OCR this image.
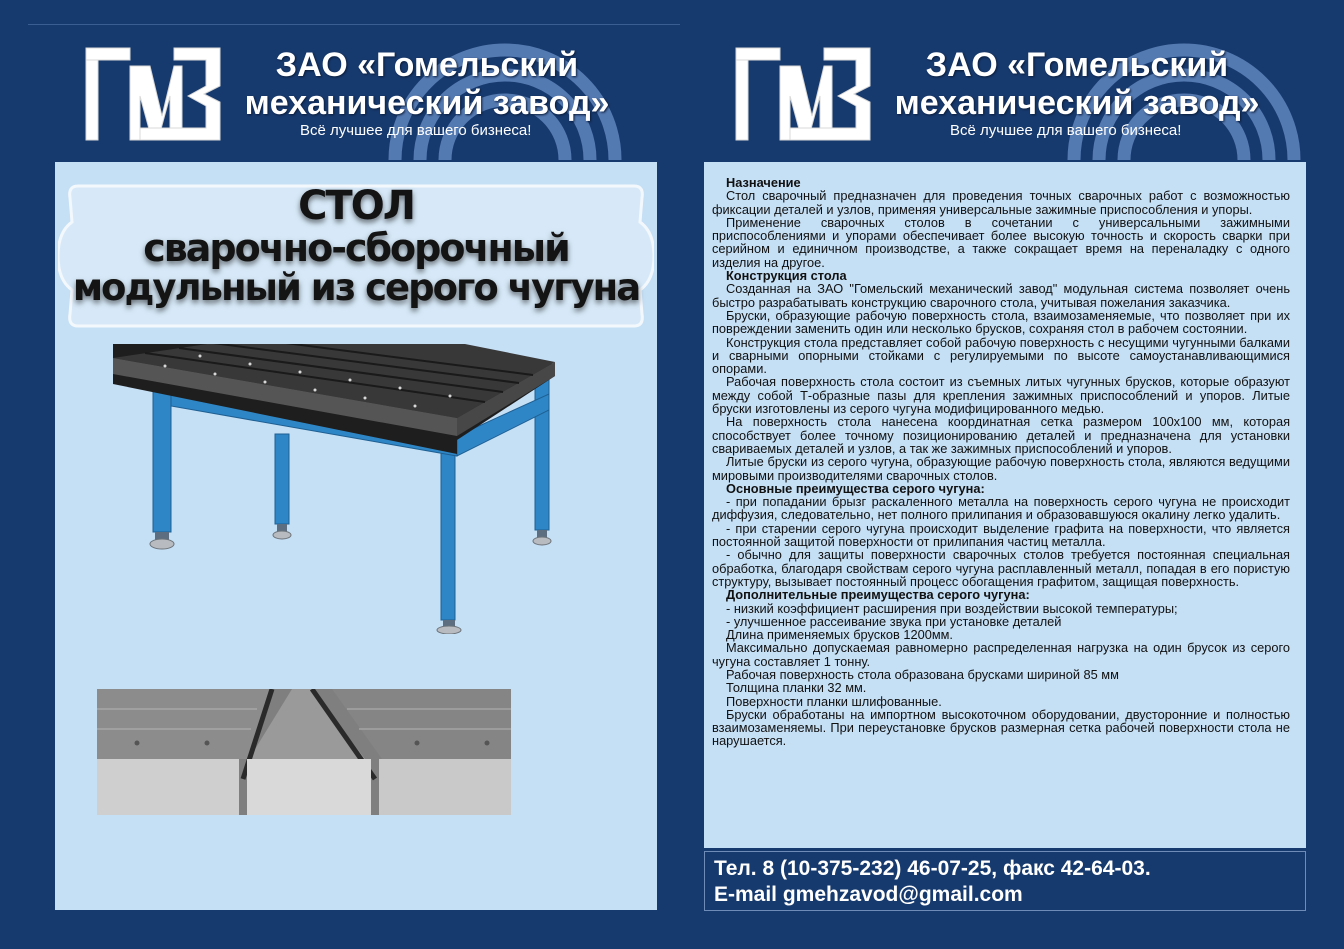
ЗАО «Гомельский
механический завод»
Всё лучшее для вашего бизнеса!
СТОЛ
сварочно-сборочный
модульный из серого чугуна
ЗАО «Гомельский
механический завод»
Всё лучшее для вашего бизнеса!

Назначение

Стол сварочный предназначен для проведения точных сварочных работ с возможностью фиксации деталей и узлов, применяя универсальные зажимные приспособления и упоры.

Применение сварочных столов в сочетании с универсальными зажимными приспособлениями и упорами обеспечивает более высокую точность и скорость сварки при серийном и единичном производстве, а также сокращает время на переналадку с одного изделия на другое.

Конструкция стола

Созданная на ЗАО "Гомельский механический завод" модульная система позволяет очень быстро разрабатывать конструкцию сварочного стола, учитывая пожелания заказчика.

Бруски, образующие рабочую поверхность стола, взаимозаменяемые, что позволяет при их повреждении заменить один или несколько брусков, сохраняя стол в рабочем состоянии.

Конструкция стола представляет собой рабочую поверхность с несущими чугунными балками и сварными опорными стойками с регулируемыми по высоте самоустанавливающимися опорами.

Рабочая поверхность стола состоит из съемных литых чугунных брусков, которые образуют между собой Т-образные пазы для крепления зажимных приспособлений и упоров. Литые бруски изготовлены из серого чугуна модифицированного медью.

На поверхность стола нанесена координатная сетка размером 100х100 мм, которая способствует более точному позиционированию деталей и предназначена для установки свариваемых деталей и узлов, а так же зажимных приспособлений и упоров.

Литые бруски из серого чугуна, образующие рабочую поверхность стола, являются ведущими мировыми производителями сварочных столов.

Основные преимущества серого чугуна:

- при попадании брызг раскаленного металла на поверхность серого чугуна не происходит диффузия, следовательно, нет полного прилипания и образовавшуюся окалину легко удалить.

- при старении серого чугуна происходит выделение графита на поверхности, что является постоянной защитой поверхности от прилипания частиц металла.

- обычно для защиты поверхности сварочных столов требуется постоянная специальная обработка, благодаря свойствам серого чугуна расплавленный металл, попадая в его пористую структуру, вызывает постоянный процесс обогащения графитом, защищая поверхность.

Дополнительные преимущества серого чугуна:

- низкий коэффициент расширения при воздействии высокой температуры;

- улучшенное рассеивание звука при установке деталей

Длина применяемых брусков 1200мм.

Максимально допускаемая равномерно распределенная нагрузка на один брусок из серого чугуна составляет 1 тонну.

Рабочая поверхность стола образована брусками шириной 85 мм

Толщина планки 32 мм.

Поверхности планки шлифованные.

Бруски обработаны на импортном высокоточном оборудовании, двусторонние и полностью взаимозаменяемы. При переустановке брусков размерная сетка рабочей поверхности стола не нарушается.

Тел. 8 (10-375-232) 46-07-25, факс 42-64-03.
E-mail gmehzavod@gmail.com
